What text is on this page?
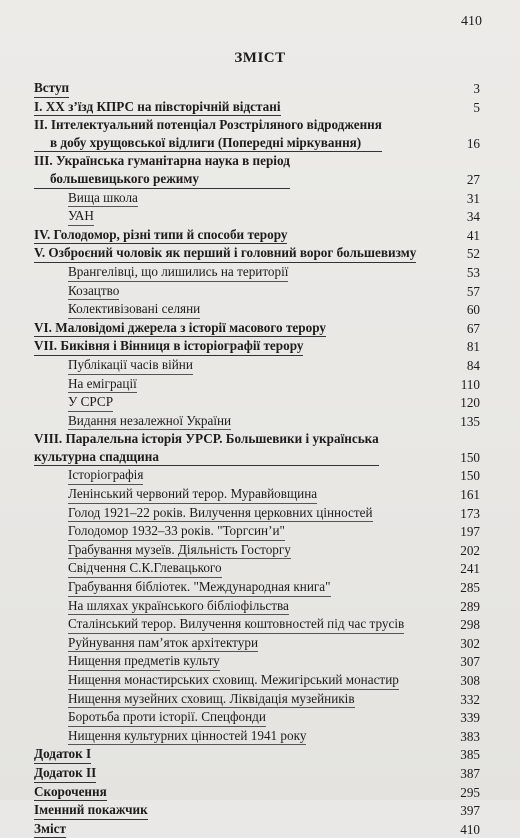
410
ЗМІСТ
Вступ	3
I. ХХ з’їзд КПРС на півсторічній відстані	5
II. Інтелектуальний потенціал Розстріляного відродження
в добу хрущовської відлиги (Попередні міркування)	16
III. Українська гуманітарна наука в період
большевицького режиму	27
Вища школа	31
УАН	34
IV. Голодомор, різні типи й способи терору	41
V. Озброєний чоловік як перший і головний ворог большевизму	52
Врангелівці, що лишились на території	53
Козацтво	57
Колективізовані селяни	60
VI. Маловідомі джерела з історії масового терору	67
VII. Биківня і Вінниця в історіографії терору	81
Публікації часів війни	84
На еміграції	110
У СРСР	120
Видання незалежної України	135
VIII. Паралельна історія УРСР. Большевики і українська
культурна спадщина	150
Історіографія	150
Ленінський червоний терор. Муравйовщина	161
Голод 1921–22 років. Вилучення церковних цінностей	173
Голодомор 1932–33 років. "Торгсин’и"	197
Грабування музеїв. Діяльність Госторгу	202
Свідчення С.К.Глевацького	241
Грабування бібліотек. "Международная книга"	285
На шляхах українського бібліофільства	289
Сталінський терор. Вилучення коштовностей під час трусів	298
Руйнування пам’яток архітектури	302
Нищення предметів культу	307
Нищення монастирських сховищ. Межигірський монастир	308
Нищення музейних сховищ. Ліквідація музейників	332
Боротьба проти історії. Спецфонди	339
Нищення культурних цінностей 1941 року	383
Додаток I	385
Додаток II	387
Скорочення	295
Іменний покажчик	397
Зміст	410
